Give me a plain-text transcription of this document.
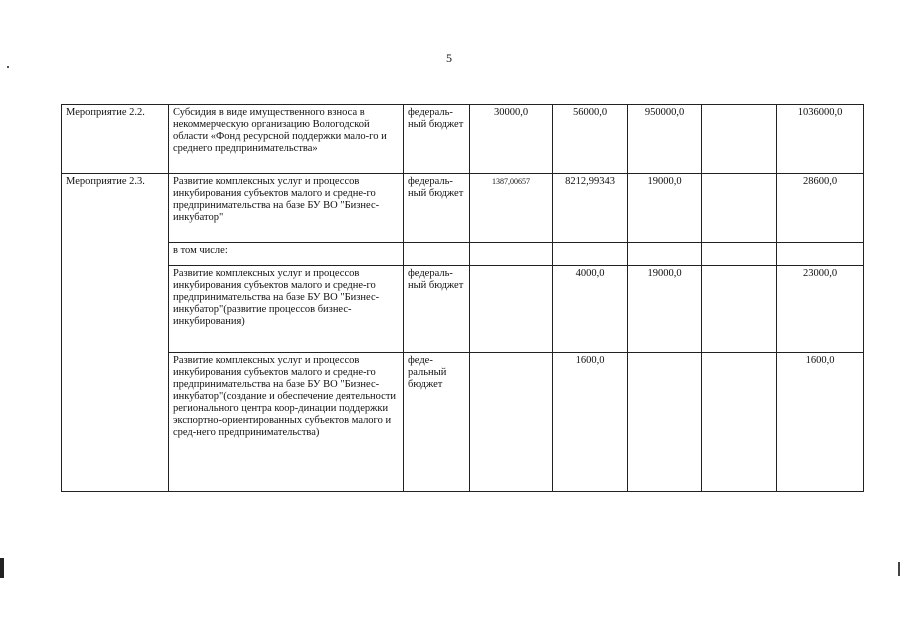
5
Мероприятие 2.2.	Субсидия в виде имущественного взноса в некоммерческую организацию Вологодской области «Фонд ресурсной поддержки мало-го и среднего предпринимательства»	федераль-ный бюджет	30000,0	56000,0	950000,0		1036000,0
Мероприятие 2.3.	Развитие комплексных услуг и процессов инкубирования субъектов малого и средне-го предпринимательства на базе БУ ВО "Бизнес-инкубатор"	федераль-ный бюджет	1387,00657	8212,99343	19000,0		28600,0
	в том числе:						
	Развитие комплексных услуг и процессов инкубирования субъектов малого и средне-го предпринимательства на базе БУ ВО "Бизнес-инкубатор"(развитие процессов бизнес-инкубирования)	федераль-ный бюджет		4000,0	19000,0		23000,0
	Развитие комплексных услуг и процессов инкубирования субъектов малого и средне-го предпринимательства на базе БУ ВО "Бизнес-инкубатор"(создание и обеспечение деятельности регионального центра коор-динации поддержки экспортно-ориентированных субъектов малого и сред-него предпринимательства)	феде-ральный бюджет		1600,0			1600,0
